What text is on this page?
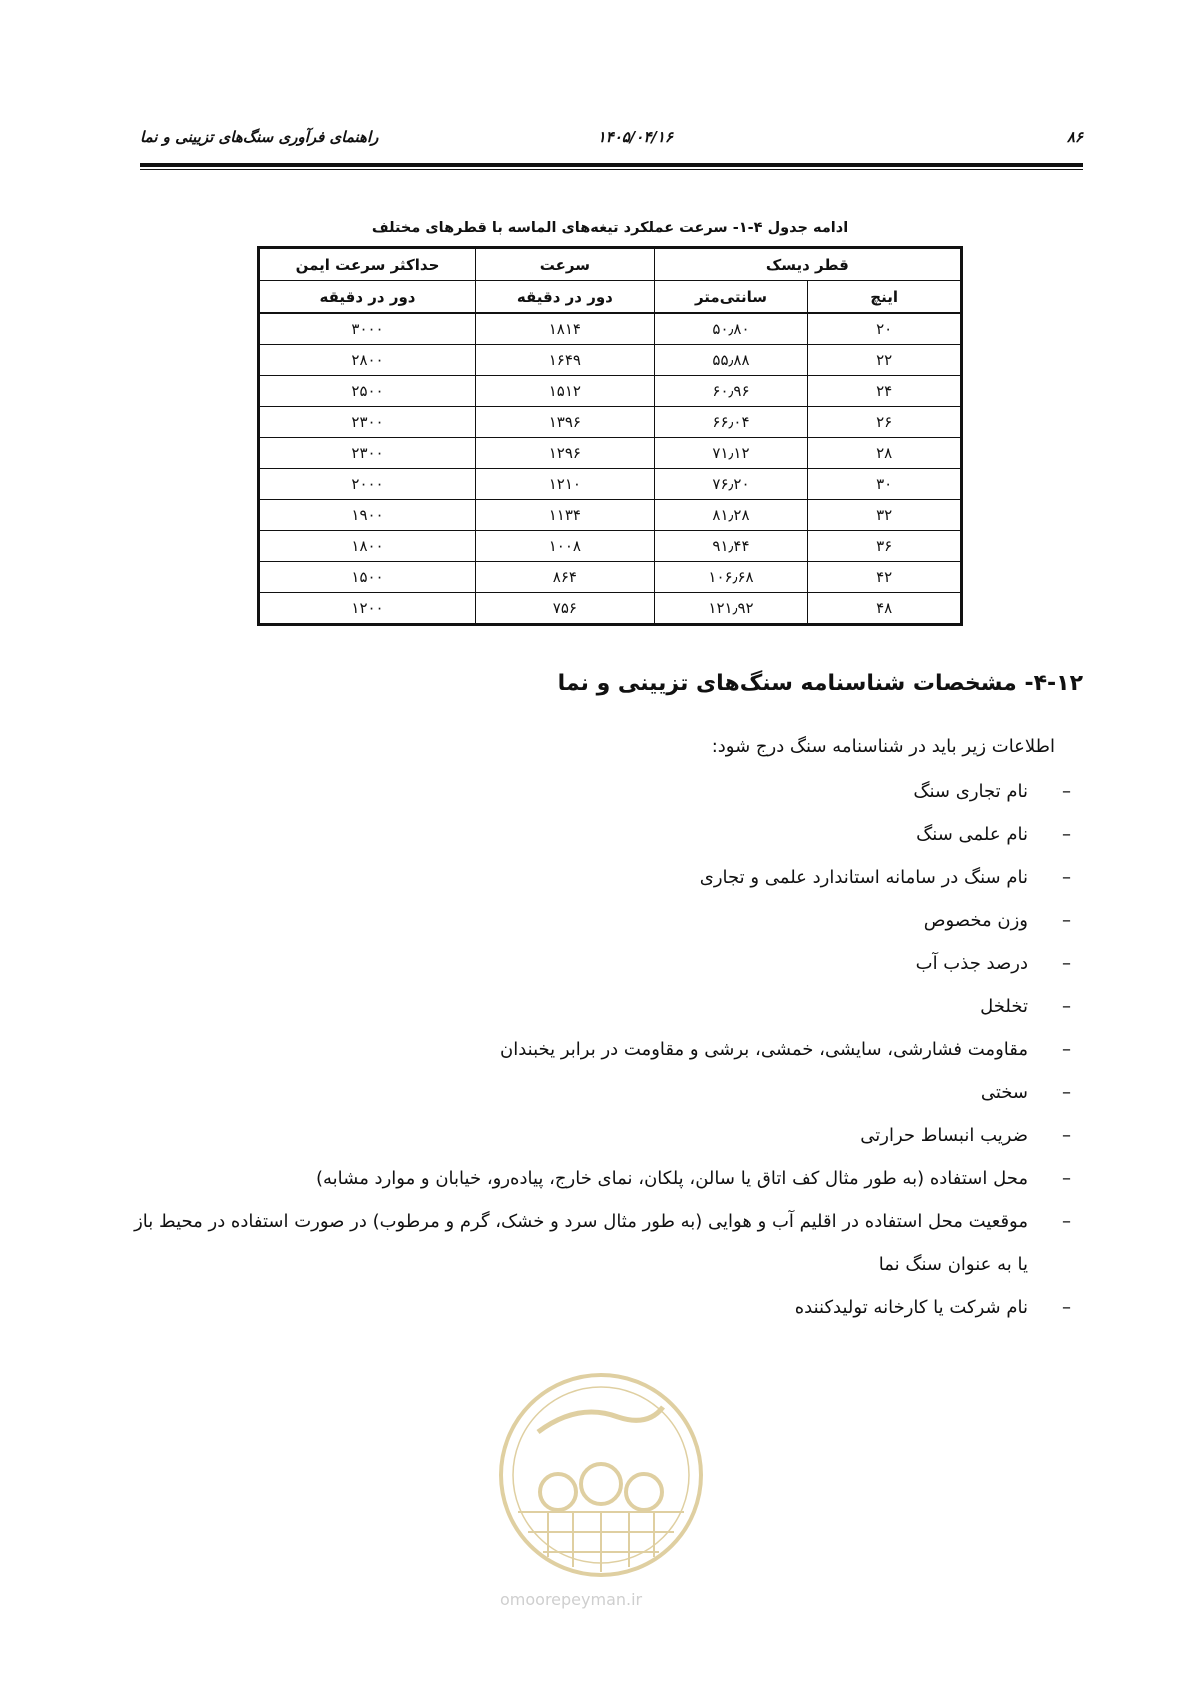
۸۶
۱۴۰۵/۰۴/۱۶
راهنمای فرآوری سنگ‌های تزیینی و نما
ادامه جدول ۴-۱- سرعت عملکرد تیغه‌های الماسه با قطرهای مختلف
قطر دیسک		سرعت	حداکثر سرعت ایمن
اینچ	سانتی‌متر	دور در دقیقه	دور در دقیقه
۲۰	۵۰٫۸۰	۱۸۱۴	۳۰۰۰
۲۲	۵۵٫۸۸	۱۶۴۹	۲۸۰۰
۲۴	۶۰٫۹۶	۱۵۱۲	۲۵۰۰
۲۶	۶۶٫۰۴	۱۳۹۶	۲۳۰۰
۲۸	۷۱٫۱۲	۱۲۹۶	۲۳۰۰
۳۰	۷۶٫۲۰	۱۲۱۰	۲۰۰۰
۳۲	۸۱٫۲۸	۱۱۳۴	۱۹۰۰
۳۶	۹۱٫۴۴	۱۰۰۸	۱۸۰۰
۴۲	۱۰۶٫۶۸	۸۶۴	۱۵۰۰
۴۸	۱۲۱٫۹۲	۷۵۶	۱۲۰۰
۴-۱۲- مشخصات شناسنامه سنگ‌های تزیینی و نما
اطلاعات زیر باید در شناسنامه سنگ درج شود:
–
نام تجاری سنگ
–
نام علمی سنگ
–
نام سنگ در سامانه استاندارد علمی و تجاری
–
وزن مخصوص
–
درصد جذب آب
–
تخلخل
–
مقاومت فشارشی، سایشی، خمشی، برشی و مقاومت در برابر یخبندان
–
سختی
–
ضریب انبساط حرارتی
–
محل استفاده (به طور مثال کف اتاق یا سالن، پلکان، نمای خارج، پیاده‌رو، خیابان و موارد مشابه)
–
موقعیت محل استفاده در اقلیم آب و هوایی (به طور مثال سرد و خشک، گرم و مرطوب) در صورت استفاده در محیط باز یا به عنوان سنگ نما
–
نام شرکت یا کارخانه تولیدکننده
omoorepeyman.ir
